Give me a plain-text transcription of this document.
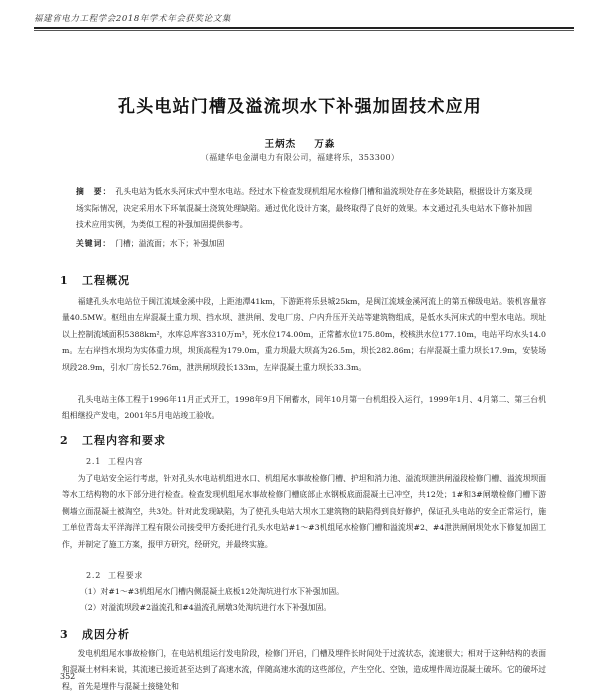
福建省电力工程学会2018年学术年会获奖论文集
孔头电站门槽及溢流坝水下补强加固技术应用
王炳杰 万淼
（福建华电金湖电力有限公司，福建将乐，353300）
摘　要： 孔头电站为低水头河床式中型水电站。经过水下检查发现机组尾水检修门槽和溢流坝处存在多处缺陷，根据设计方案及现场实际情况，决定采用水下环氧混凝土浇筑处理缺陷。通过优化设计方案，最终取得了良好的效果。本文通过孔头电站水下修补加固技术应用实例，为类似工程的补强加固提供参考。
关键词： 门槽；溢流面；水下；补强加固
1 工程概况
福建孔头水电站位于闽江流域金溪中段，上距池潭41km，下游距将乐县城25km，是闽江流域金溪河流上的第五梯级电站。装机容量容量40.5MW。枢纽由左岸混凝土重力坝、挡水坝、泄洪闸、发电厂房、户内升压开关站等建筑物组成，是低水头河床式的中型水电站。坝址以上控制流域面积5388km²，水库总库容3310万m³，死水位174.00m，正常蓄水位175.80m，校核洪水位177.10m，电站平均水头14.0m。左右岸挡水坝均为实体重力坝，坝顶高程为179.0m，重力坝最大坝高为26.5m，坝长282.86m；右岸混凝土重力坝长17.9m，安装场坝段28.9m，引水厂房长52.76m，泄洪闸坝段长133m，左岸混凝土重力坝长33.3m。
孔头电站主体工程于1996年11月正式开工，1998年9月下闸蓄水，同年10月第一台机组投入运行，1999年1月、4月第二、第三台机组相继投产发电，2001年5月电站竣工验收。
2 工程内容和要求
2.1 工程内容
为了电站安全运行考虑，针对孔头水电站机组进水口、机组尾水事故检修门槽、护坦和消力池、溢流坝泄洪闸溢段检修门槽、溢流坝坝面等水工结构物的水下部分进行检查。检查发现机组尾水事故检修门槽底部止水钢板底面混凝土已冲空，共12处；1#和3#闸墩检修门槽下游侧墙立面混凝土被淘空，共3处。针对此发现缺陷，为了使孔头电站大坝水工建筑物的缺陷得到良好修护，保证孔头电站的安全正常运行，施工单位青岛太平洋海洋工程有限公司接受甲方委托进行孔头水电站#1～#3机组尾水检修门槽和溢流坝#2、#4泄洪闸闸坝处水下修复加固工作，并制定了施工方案，报甲方研究，经研究，并最终实施。
2.2 工程要求
（1）对#1～#3机组尾水门槽内侧混凝土底板12处淘坑进行水下补强加固。
（2）对溢流坝段#2溢流孔和#4溢流孔闸墩3处淘坑进行水下补强加固。
3 成因分析
发电机组尾水事故检修门，在电站机组运行发电阶段，检修门开启，门槽及埋件长时间处于过流状态，流速很大；相对于这种结构的表面和混凝土材料来说，其流速已接近甚至达到了高速水流，伴随高速水流的这些部位，产生空化、空蚀，造成埋件周边混凝土破坏。它的破坏过程，首先是埋件与混凝土接缝处和
352
